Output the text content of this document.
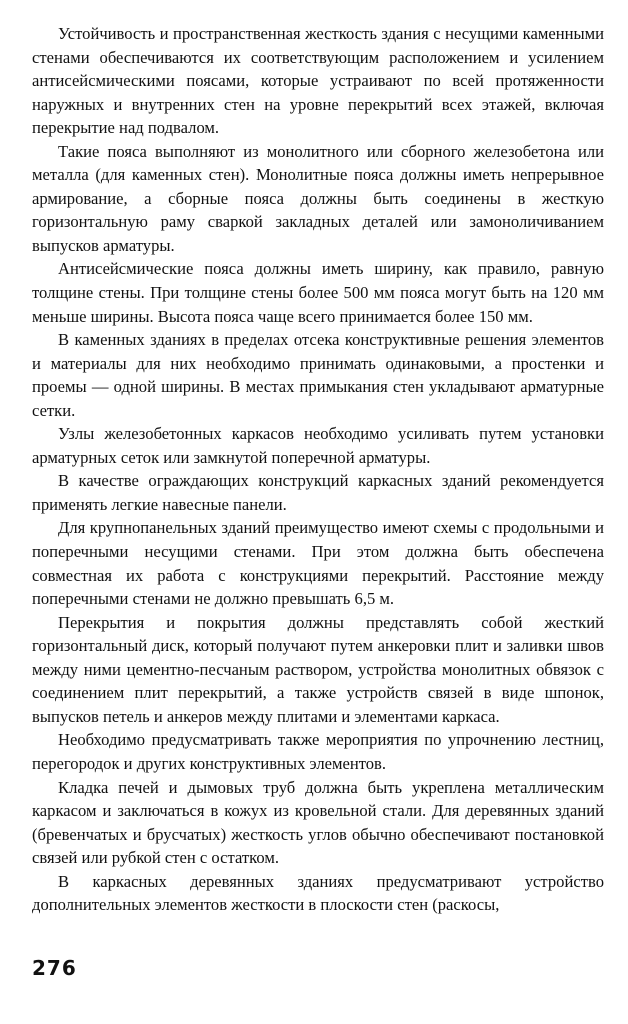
Устойчивость и пространственная жесткость здания с несущими каменными стенами обеспечиваются их соответствующим расположением и усилением антисейсмическими поясами, которые устраивают по всей протяженности наружных и внутренних стен на уровне перекрытий всех этажей, включая перекрытие над подвалом.

Такие пояса выполняют из монолитного или сборного железобетона или металла (для каменных стен). Монолитные пояса должны иметь непрерывное армирование, а сборные пояса должны быть соединены в жесткую горизонтальную раму сваркой закладных деталей или замоноличиванием выпусков арматуры.

Антисейсмические пояса должны иметь ширину, как правило, равную толщине стены. При толщине стены более 500 мм пояса могут быть на 120 мм меньше ширины. Высота пояса чаще всего принимается более 150 мм.

В каменных зданиях в пределах отсека конструктивные решения элементов и материалы для них необходимо принимать одинаковыми, а простенки и проемы — одной ширины. В местах примыкания стен укладывают арматурные сетки.

Узлы железобетонных каркасов необходимо усиливать путем установки арматурных сеток или замкнутой поперечной арматуры.

В качестве ограждающих конструкций каркасных зданий рекомендуется применять легкие навесные панели.

Для крупнопанельных зданий преимущество имеют схемы с продольными и поперечными несущими стенами. При этом должна быть обеспечена совместная их работа с конструкциями перекрытий. Расстояние между поперечными стенами не должно превышать 6,5 м.

Перекрытия и покрытия должны представлять собой жесткий горизонтальный диск, который получают путем анкеровки плит и заливки швов между ними цементно-песчаным раствором, устройства монолитных обвязок с соединением плит перекрытий, а также устройств связей в виде шпонок, выпусков петель и анкеров между плитами и элементами каркаса.

Необходимо предусматривать также мероприятия по упрочнению лестниц, перегородок и других конструктивных элементов.

Кладка печей и дымовых труб должна быть укреплена металлическим каркасом и заключаться в кожух из кровельной стали. Для деревянных зданий (бревенчатых и брусчатых) жесткость углов обычно обеспечивают постановкой связей или рубкой стен с остатком.

В каркасных деревянных зданиях предусматривают устройство дополнительных элементов жесткости в плоскости стен (раскосы,

276
